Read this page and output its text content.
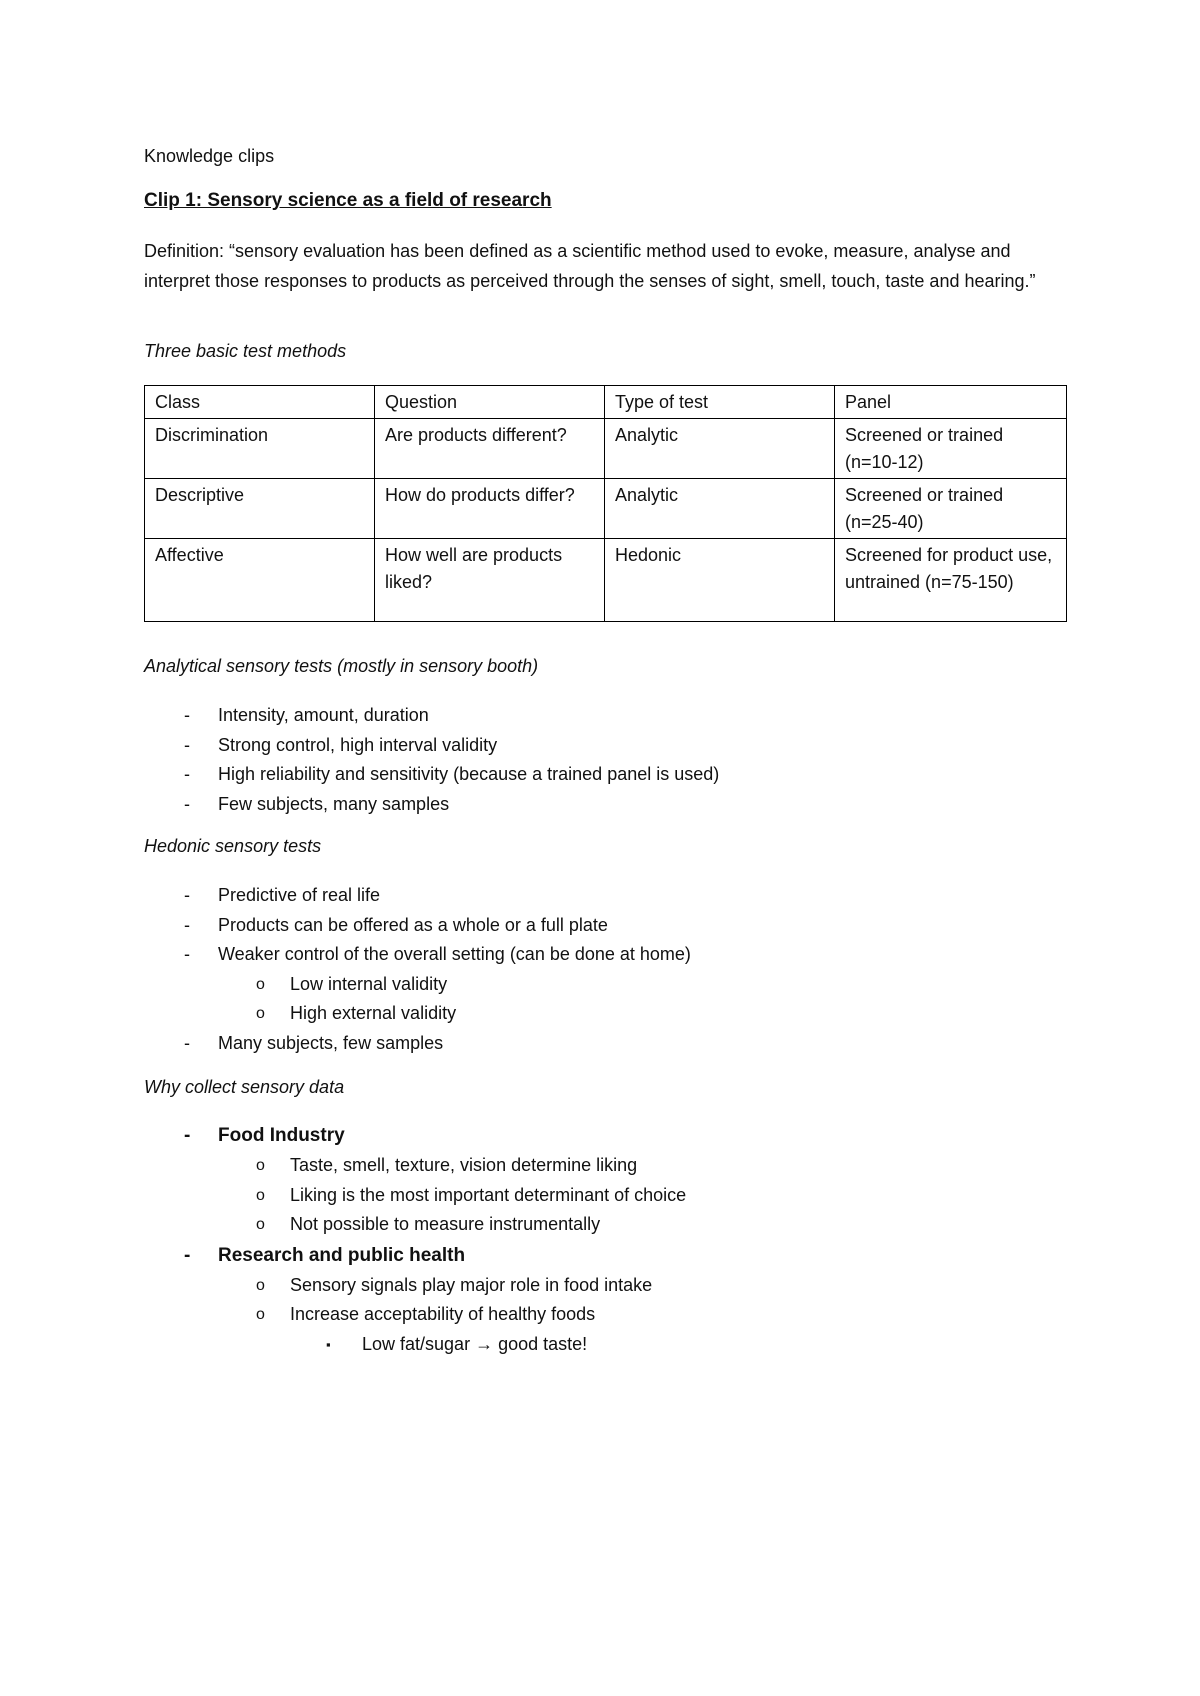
Knowledge clips
Clip 1: Sensory science as a field of research

Definition: “sensory evaluation has been defined as a scientific method used to evoke, measure, analyse and interpret those responses to products as perceived through the senses of sight, smell, touch, taste and hearing.”

Three basic test methods

Class	Question	Type of test	Panel
Discrimination	Are products different?	Analytic	Screened or trained (n=10-12)
Descriptive	How do products differ?	Analytic	Screened or trained (n=25-40)
Affective	How well are products liked?	Hedonic	Screened for product use, untrained (n=75-150)

Analytical sensory tests (mostly in sensory booth)

- Intensity, amount, duration
- Strong control, high interval validity
- High reliability and sensitivity (because a trained panel is used)
- Few subjects, many samples

Hedonic sensory tests

- Predictive of real life
- Products can be offered as a whole or a full plate
- Weaker control of the overall setting (can be done at home)
o Low internal validity
o High external validity
- Many subjects, few samples

Why collect sensory data

- Food Industry
o Taste, smell, texture, vision determine liking
o Liking is the most important determinant of choice
o Not possible to measure instrumentally
- Research and public health
o Sensory signals play major role in food intake
o Increase acceptability of healthy foods
▪ Low fat/sugar → good taste!
